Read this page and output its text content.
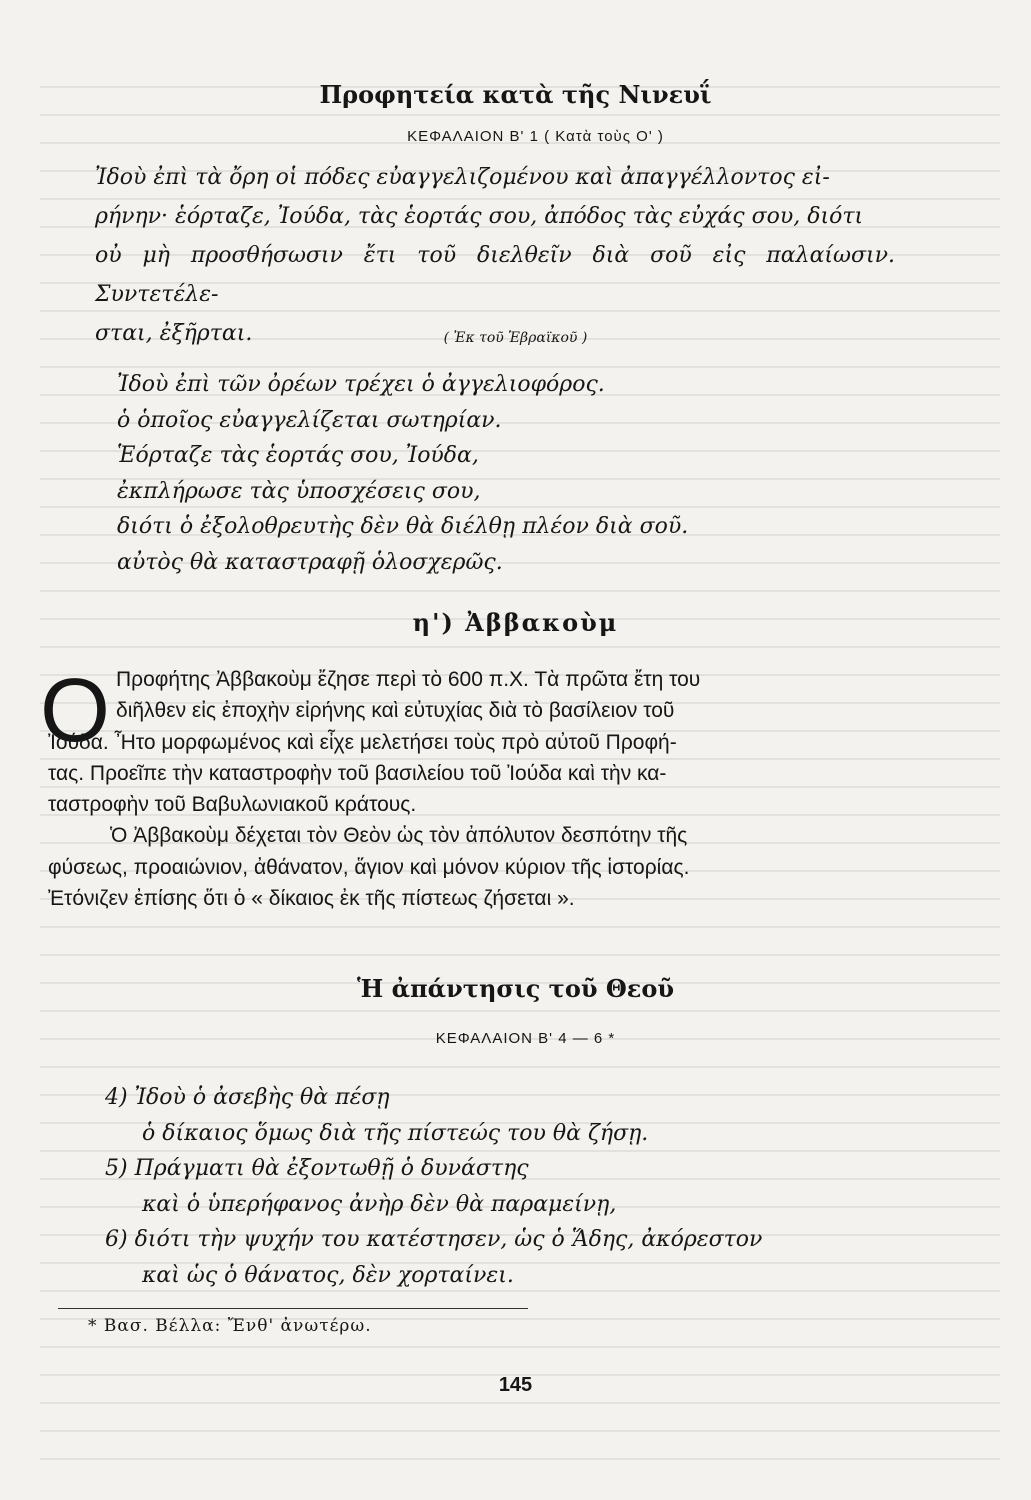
Προφητεία κατὰ τῆς Νινευΐ
ΚΕΦΑΛΑΙΟΝ Β' 1 ( Κατὰ τοὺς Ο' )
Ἰδοὺ ἐπὶ τὰ ὄρη οἱ πόδες εὐαγγελιζομένου καὶ ἀπαγγέλλοντος εἰ-
ρήνην· ἑόρταζε, Ἰούδα, τὰς ἑορτάς σου, ἀπόδος τὰς εὐχάς σου, διότι
οὐ μὴ προσθήσωσιν ἔτι τοῦ διελθεῖν διὰ σοῦ εἰς παλαίωσιν. Συντετέλε-
σται, ἐξῆρται.	( Ἐκ τοῦ Ἑβραϊκοῦ )
Ἰδοὺ ἐπὶ τῶν ὀρέων τρέχει ὁ ἀγγελιοφόρος.
ὁ ὁποῖος εὐαγγελίζεται σωτηρίαν.
Ἑόρταζε τὰς ἑορτάς σου, Ἰούδα,
ἐκπλήρωσε τὰς ὑποσχέσεις σου,
διότι ὁ ἐξολοθρευτὴς δὲν θὰ διέλθῃ πλέον διὰ σοῦ.
αὐτὸς θὰ καταστραφῇ ὁλοσχερῶς.
η') Ἀββακοὺμ
Ο Προφήτης Ἀββακοὺμ ἔζησε περὶ τὸ 600 π.Χ. Τὰ πρῶτα ἔτη του
διῆλθεν εἰς ἐποχὴν εἰρήνης καὶ εὐτυχίας διὰ τὸ βασίλειον τοῦ
Ἰούδα. Ἦτο μορφωμένος καὶ εἶχε μελετήσει τοὺς πρὸ αὐτοῦ Προφή-
τας. Προεῖπε τὴν καταστροφὴν τοῦ βασιλείου τοῦ Ἰούδα καὶ τὴν κα-
ταστροφὴν τοῦ Βαβυλωνιακοῦ κράτους.
Ὁ Ἀββακοὺμ δέχεται τὸν Θεὸν ὡς τὸν ἀπόλυτον δεσπότην τῆς
φύσεως, προαιώνιον, ἀθάνατον, ἅγιον καὶ μόνον κύριον τῆς ἱστορίας.
Ἐτόνιζεν ἐπίσης ὅτι ὁ « δίκαιος ἐκ τῆς πίστεως ζήσεται ».
Ἡ ἀπάντησις τοῦ Θεοῦ
ΚΕΦΑΛΑΙΟΝ Β' 4 — 6 *
4) Ἰδοὺ ὁ ἀσεβὴς θὰ πέσῃ
ὁ δίκαιος ὅμως διὰ τῆς πίστεώς του θὰ ζήσῃ.
5) Πράγματι θὰ ἐξοντωθῇ ὁ δυνάστης
καὶ ὁ ὑπερήφανος ἀνὴρ δὲν θὰ παραμείνῃ,
6) διότι τὴν ψυχήν του κατέστησεν, ὡς ὁ Ἅδης, ἀκόρεστον
καὶ ὡς ὁ θάνατος, δὲν χορταίνει.
* Βασ. Βέλλα: Ἔνθ' ἀνωτέρω.
145
